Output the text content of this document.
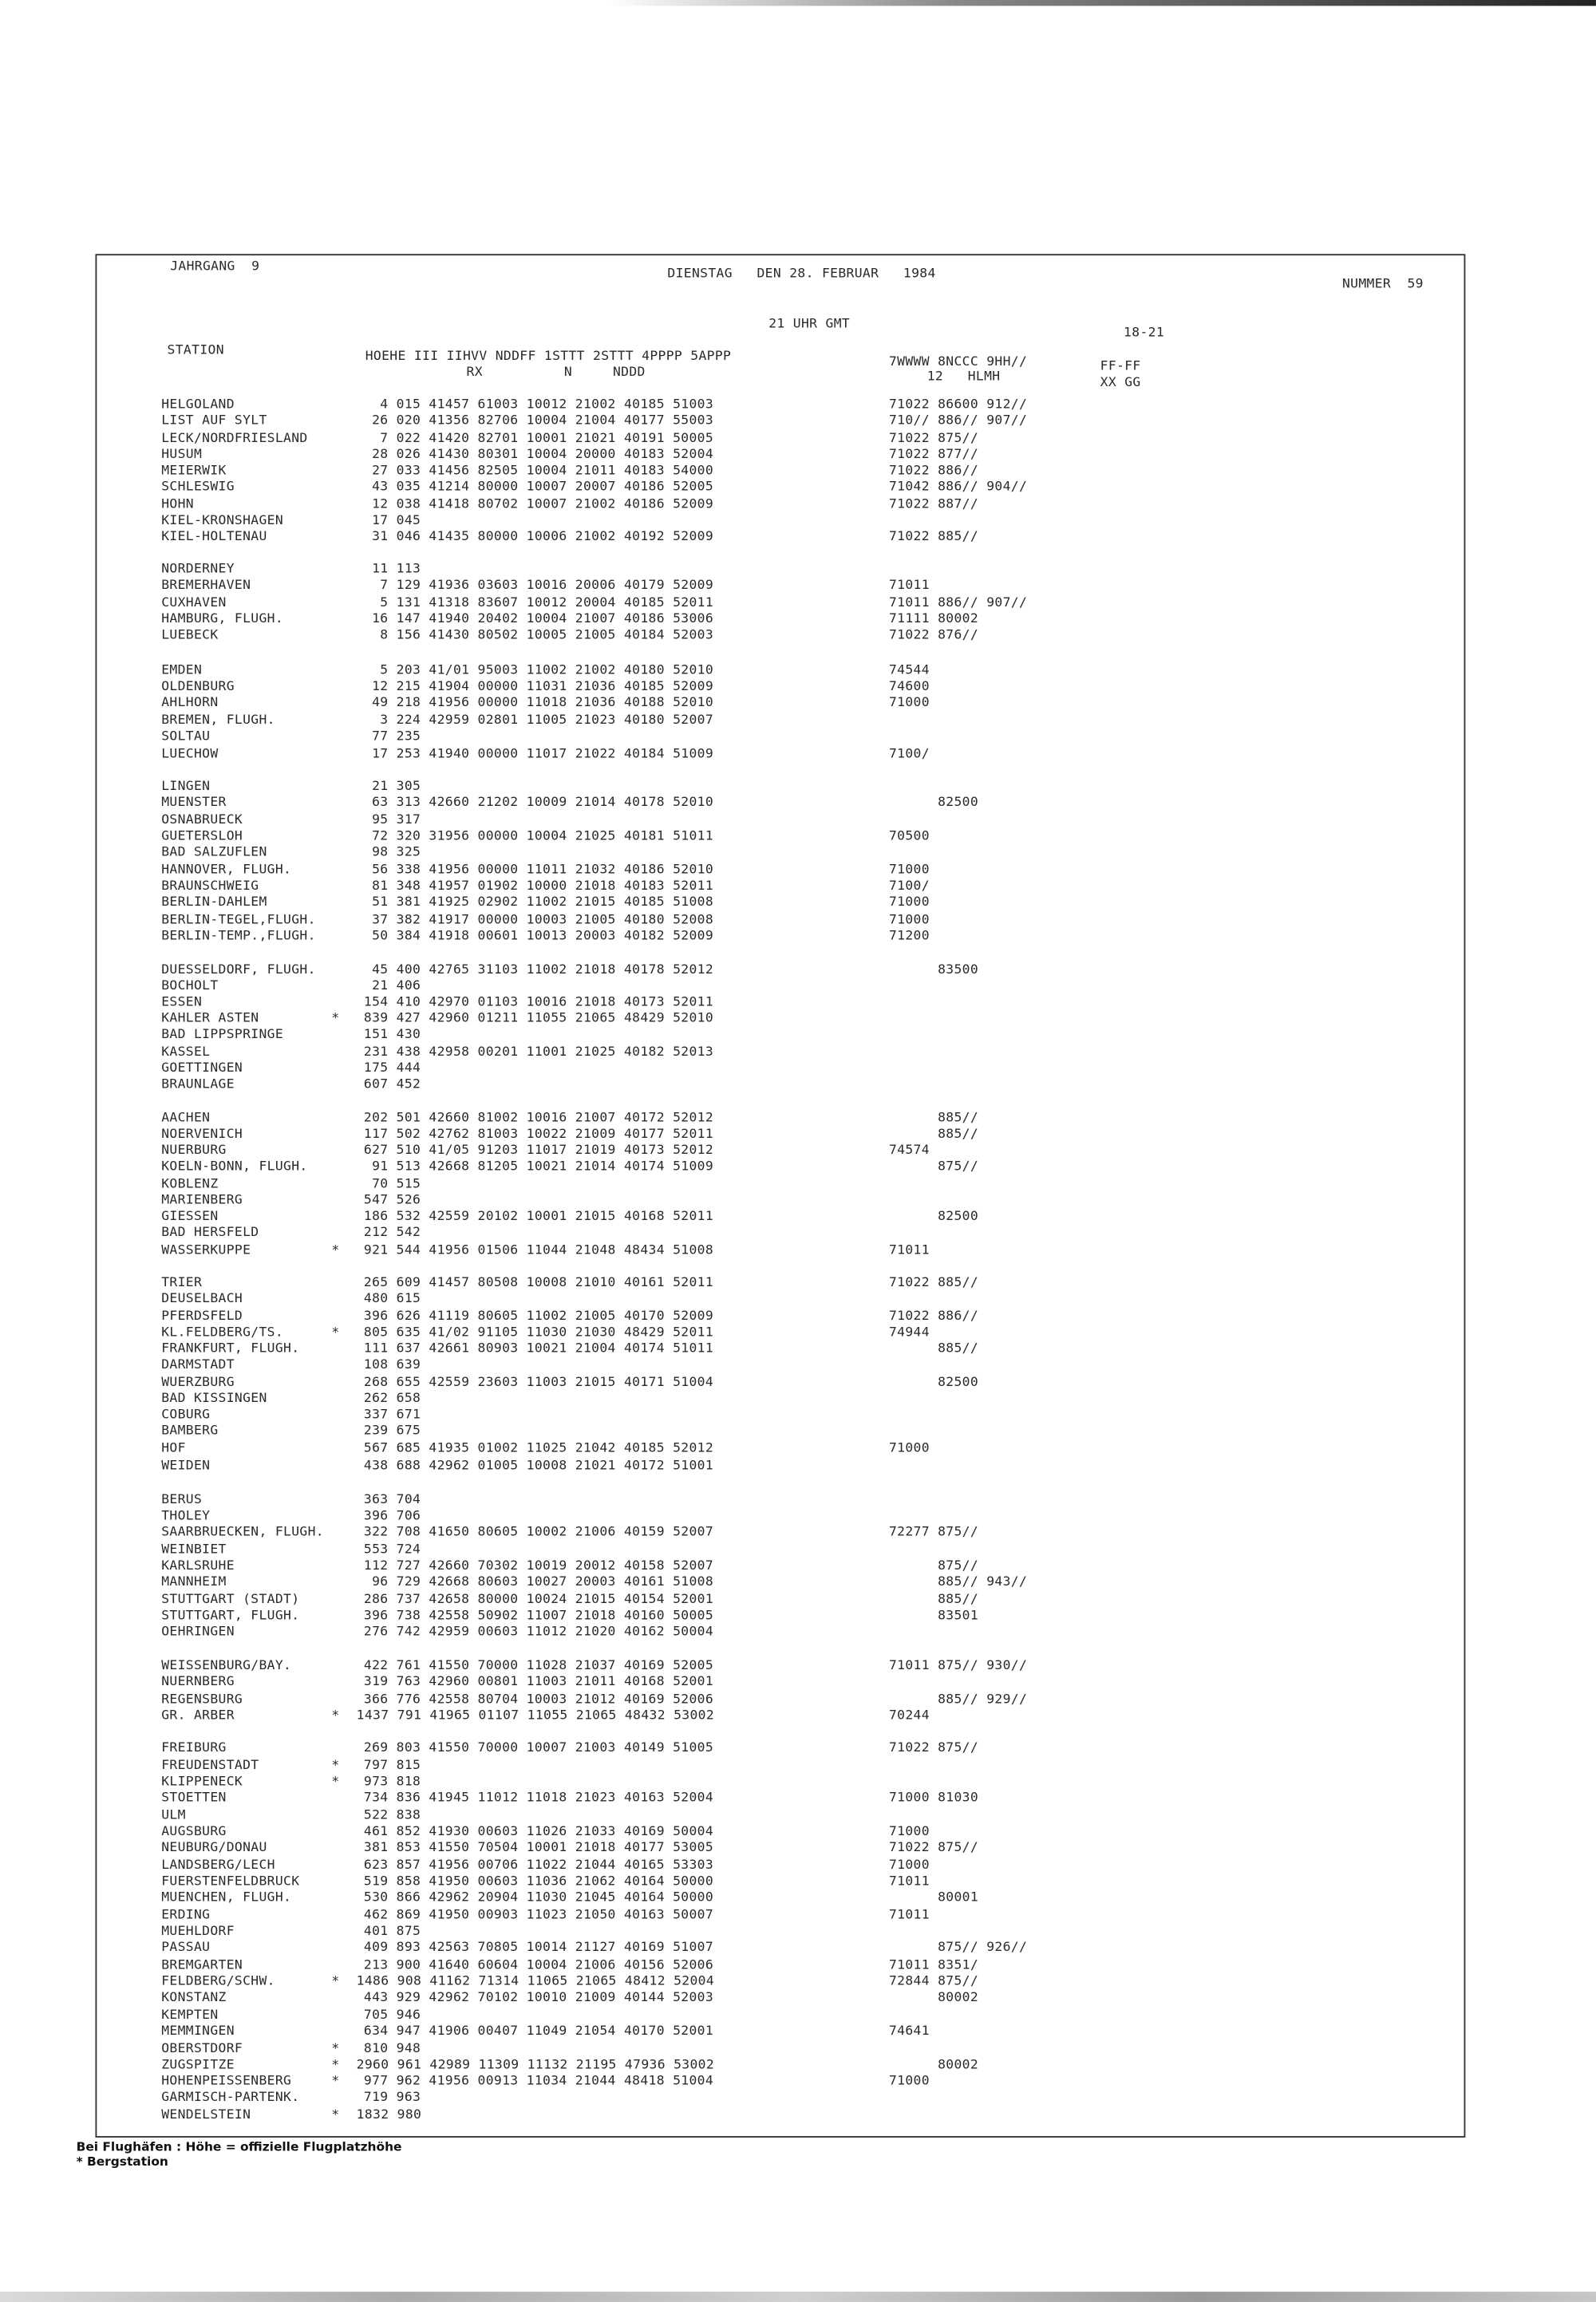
JAHRGANG  9	DIENSTAG   DEN 28. FEBRUAR   1984
NUMMER  59
21 UHR GMT
18-21
STATION	HOEHE III IIHVV NDDFF 1STTT 2STTT 4PPPP 5APPP
RX          N     NDDD
7WWWW 8NCCC 9HH//
12   HLMH
FF-FF
XX GG
HELGOLAND	4 015 41457 61003 10012 21002 40185 51003	71022 86600 912//
LIST AUF SYLT	26 020 41356 82706 10004 21004 40177 55003	710// 886// 907//
LECK/NORDFRIESLAND	7 022 41420 82701 10001 21021 40191 50005	71022 875//
HUSUM	28 026 41430 80301 10004 20000 40183 52004	71022 877//
MEIERWIK	27 033 41456 82505 10004 21011 40183 54000	71022 886//
SCHLESWIG	43 035 41214 80000 10007 20007 40186 52005	71042 886// 904//
HOHN	12 038 41418 80702 10007 21002 40186 52009	71022 887//
KIEL-KRONSHAGEN	17 045
KIEL-HOLTENAU	31 046 41435 80000 10006 21002 40192 52009	71022 885//
NORDERNEY	11 113
BREMERHAVEN	7 129 41936 03603 10016 20006 40179 52009	71011
CUXHAVEN	5 131 41318 83607 10012 20004 40185 52011	71011 886// 907//
HAMBURG, FLUGH.	16 147 41940 20402 10004 21007 40186 53006	71111 80002
LUEBECK	8 156 41430 80502 10005 21005 40184 52003	71022 876//
EMDEN	5 203 41/01 95003 11002 21002 40180 52010	74544
OLDENBURG	12 215 41904 00000 11031 21036 40185 52009	74600
AHLHORN	49 218 41956 00000 11018 21036 40188 52010	71000
BREMEN, FLUGH.	3 224 42959 02801 11005 21023 40180 52007
SOLTAU	77 235
LUECHOW	17 253 41940 00000 11017 21022 40184 51009	7100/
LINGEN	21 305
MUENSTER	63 313 42660 21202 10009 21014 40178 52010	82500
OSNABRUECK	95 317
GUETERSLOH	72 320 31956 00000 10004 21025 40181 51011	70500
BAD SALZUFLEN	98 325
HANNOVER, FLUGH.	56 338 41956 00000 11011 21032 40186 52010	71000
BRAUNSCHWEIG	81 348 41957 01902 10000 21018 40183 52011	7100/
BERLIN-DAHLEM	51 381 41925 02902 11002 21015 40185 51008	71000
BERLIN-TEGEL,FLUGH.	37 382 41917 00000 10003 21005 40180 52008	71000
BERLIN-TEMP.,FLUGH.	50 384 41918 00601 10013 20003 40182 52009	71200
DUESSELDORF, FLUGH.	45 400 42765 31103 11002 21018 40178 52012	83500
BOCHOLT	21 406
ESSEN	154 410 42970 01103 10016 21018 40173 52011
KAHLER ASTEN	*	839 427 42960 01211 11055 21065 48429 52010
BAD LIPPSPRINGE	151 430
KASSEL	231 438 42958 00201 11001 21025 40182 52013
GOETTINGEN	175 444
BRAUNLAGE	607 452
AACHEN	202 501 42660 81002 10016 21007 40172 52012	885//
NOERVENICH	117 502 42762 81003 10022 21009 40177 52011	885//
NUERBURG	627 510 41/05 91203 11017 21019 40173 52012	74574
KOELN-BONN, FLUGH.	91 513 42668 81205 10021 21014 40174 51009	875//
KOBLENZ	70 515
MARIENBERG	547 526
GIESSEN	186 532 42559 20102 10001 21015 40168 52011	82500
BAD HERSFELD	212 542
WASSERKUPPE	*	921 544 41956 01506 11044 21048 48434 51008	71011
TRIER	265 609 41457 80508 10008 21010 40161 52011	71022 885//
DEUSELBACH	480 615
PFERDSFELD	396 626 41119 80605 11002 21005 40170 52009	71022 886//
KL.FELDBERG/TS.	*	805 635 41/02 91105 11030 21030 48429 52011	74944
FRANKFURT, FLUGH.	111 637 42661 80903 10021 21004 40174 51011	885//
DARMSTADT	108 639
WUERZBURG	268 655 42559 23603 11003 21015 40171 51004	82500
BAD KISSINGEN	262 658
COBURG	337 671
BAMBERG	239 675
HOF	567 685 41935 01002 11025 21042 40185 52012	71000
WEIDEN	438 688 42962 01005 10008 21021 40172 51001
BERUS	363 704
THOLEY	396 706
SAARBRUECKEN, FLUGH.	322 708 41650 80605 10002 21006 40159 52007	72277 875//
WEINBIET	553 724
KARLSRUHE	112 727 42660 70302 10019 20012 40158 52007	875//
MANNHEIM	96 729 42668 80603 10027 20003 40161 51008	885// 943//
STUTTGART (STADT)	286 737 42658 80000 10024 21015 40154 52001	885//
STUTTGART, FLUGH.	396 738 42558 50902 11007 21018 40160 50005	83501
OEHRINGEN	276 742 42959 00603 11012 21020 40162 50004
WEISSENBURG/BAY.	422 761 41550 70000 11028 21037 40169 52005	71011 875// 930//
NUERNBERG	319 763 42960 00801 11003 21011 40168 52001
REGENSBURG	366 776 42558 80704 10003 21012 40169 52006	885// 929//
GR. ARBER	* 1437 791 41965 01107 11055 21065 48432 53002	70244
FREIBURG	269 803 41550 70000 10007 21003 40149 51005	71022 875//
FREUDENSTADT	*	797 815
KLIPPENECK	*	973 818
STOETTEN	734 836 41945 11012 11018 21023 40163 52004	71000 81030
ULM	522 838
AUGSBURG	461 852 41930 00603 11026 21033 40169 50004	71000
NEUBURG/DONAU	381 853 41550 70504 10001 21018 40177 53005	71022 875//
LANDSBERG/LECH	623 857 41956 00706 11022 21044 40165 53303	71000
FUERSTENFELDBRUCK	519 858 41950 00603 11036 21062 40164 50000	71011
MUENCHEN, FLUGH.	530 866 42962 20904 11030 21045 40164 50000	80001
ERDING	462 869 41950 00903 11023 21050 40163 50007	71011
MUEHLDORF	401 875
PASSAU	409 893 42563 70805 10014 21127 40169 51007	875// 926//
BREMGARTEN	213 900 41640 60604 10004 21006 40156 52006	71011 8351/
FELDBERG/SCHW.	* 1486 908 41162 71314 11065 21065 48412 52004	72844 875//
KONSTANZ	443 929 42962 70102 10010 21009 40144 52003	80002
KEMPTEN	705 946
MEMMINGEN	634 947 41906 00407 11049 21054 40170 52001	74641
OBERSTDORF	*	810 948
ZUGSPITZE	* 2960 961 42989 11309 11132 21195 47936 53002	80002
HOHENPEISSENBERG	*	977 962 41956 00913 11034 21044 48418 51004	71000
GARMISCH-PARTENK.	719 963
WENDELSTEIN	* 1832 980
Bei Flughäfen : Höhe = offizielle Flugplatzhöhe
* Bergstation
